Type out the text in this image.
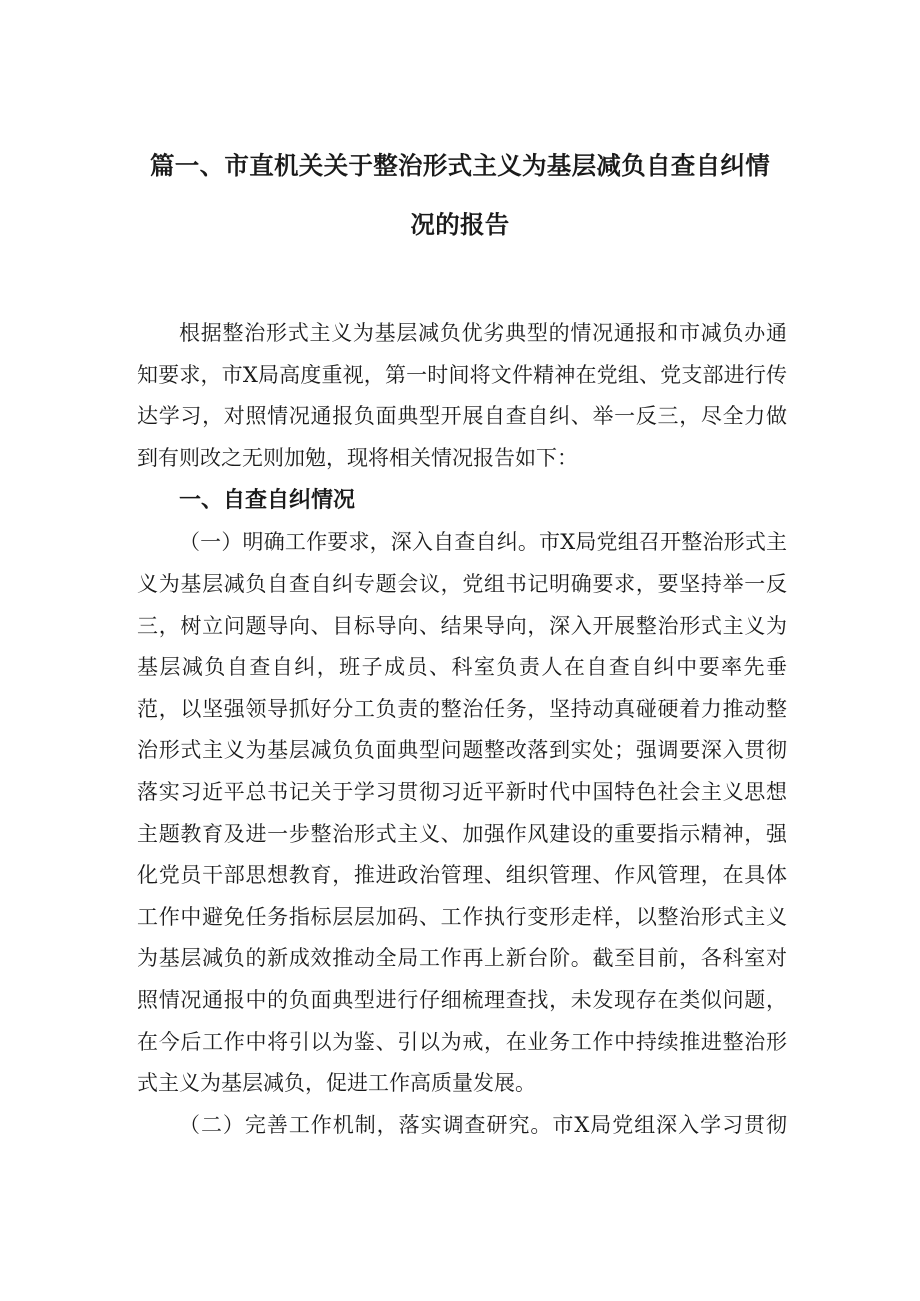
篇一、市直机关关于整治形式主义为基层减负自查自纠情
况的报告

根据整治形式主义为基层减负优劣典型的情况通报和市减负办通知要求，市X局高度重视，第一时间将文件精神在党组、党支部进行传达学习，对照情况通报负面典型开展自查自纠、举一反三，尽全力做到有则改之无则加勉，现将相关情况报告如下：

一、自查自纠情况

（一）明确工作要求，深入自查自纠。市X局党组召开整治形式主义为基层减负自查自纠专题会议，党组书记明确要求，要坚持举一反三，树立问题导向、目标导向、结果导向，深入开展整治形式主义为基层减负自查自纠，班子成员、科室负责人在自查自纠中要率先垂范，以坚强领导抓好分工负责的整治任务，坚持动真碰硬着力推动整治形式主义为基层减负负面典型问题整改落到实处；强调要深入贯彻落实习近平总书记关于学习贯彻习近平新时代中国特色社会主义思想主题教育及进一步整治形式主义、加强作风建设的重要指示精神，强化党员干部思想教育，推进政治管理、组织管理、作风管理，在具体工作中避免任务指标层层加码、工作执行变形走样，以整治形式主义为基层减负的新成效推动全局工作再上新台阶。截至目前，各科室对照情况通报中的负面典型进行仔细梳理查找，未发现存在类似问题，在今后工作中将引以为鉴、引以为戒，在业务工作中持续推进整治形式主义为基层减负，促进工作高质量发展。

（二）完善工作机制，落实调查研究。市X局党组深入学习贯彻
